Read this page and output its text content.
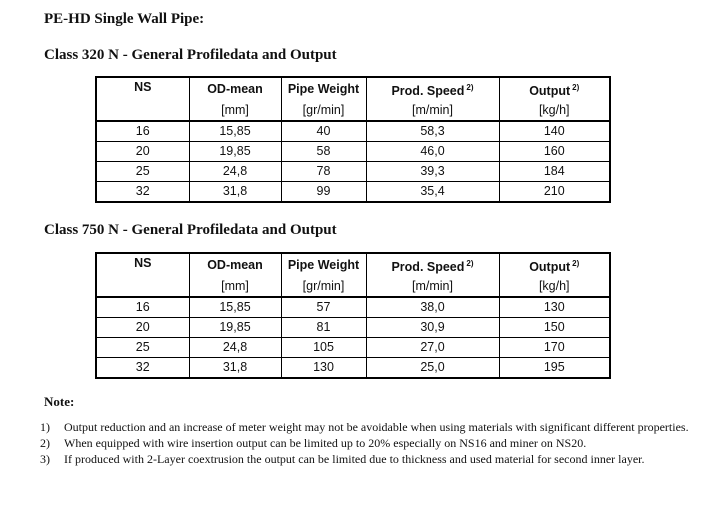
PE-HD Single Wall Pipe:
Class 320 N - General Profiledata and Output
NS	OD-mean	Pipe Weight	Prod. Speed $^{2)}$	Output $^{2)}$
	[mm]	[gr/min]	[m/min]	[kg/h]
16	15,85	40	58,3	140
20	19,85	58	46,0	160
25	24,8	78	39,3	184
32	31,8	99	35,4	210
Class 750 N - General Profiledata and Output
NS	OD-mean	Pipe Weight	Prod. Speed $^{2)}$	Output $^{2)}$
	[mm]	[gr/min]	[m/min]	[kg/h]
16	15,85	57	38,0	130
20	19,85	81	30,9	150
25	24,8	105	27,0	170
32	31,8	130	25,0	195
Note:
1)	Output reduction and an increase of meter weight may not be avoidable when using materials with significant different properties.
2)	When equipped with wire insertion output can be limited up to 20% especially on NS16 and miner on NS20.
3)	If produced with 2-Layer coextrusion the output can be limited due to thickness and used material for second inner layer.
